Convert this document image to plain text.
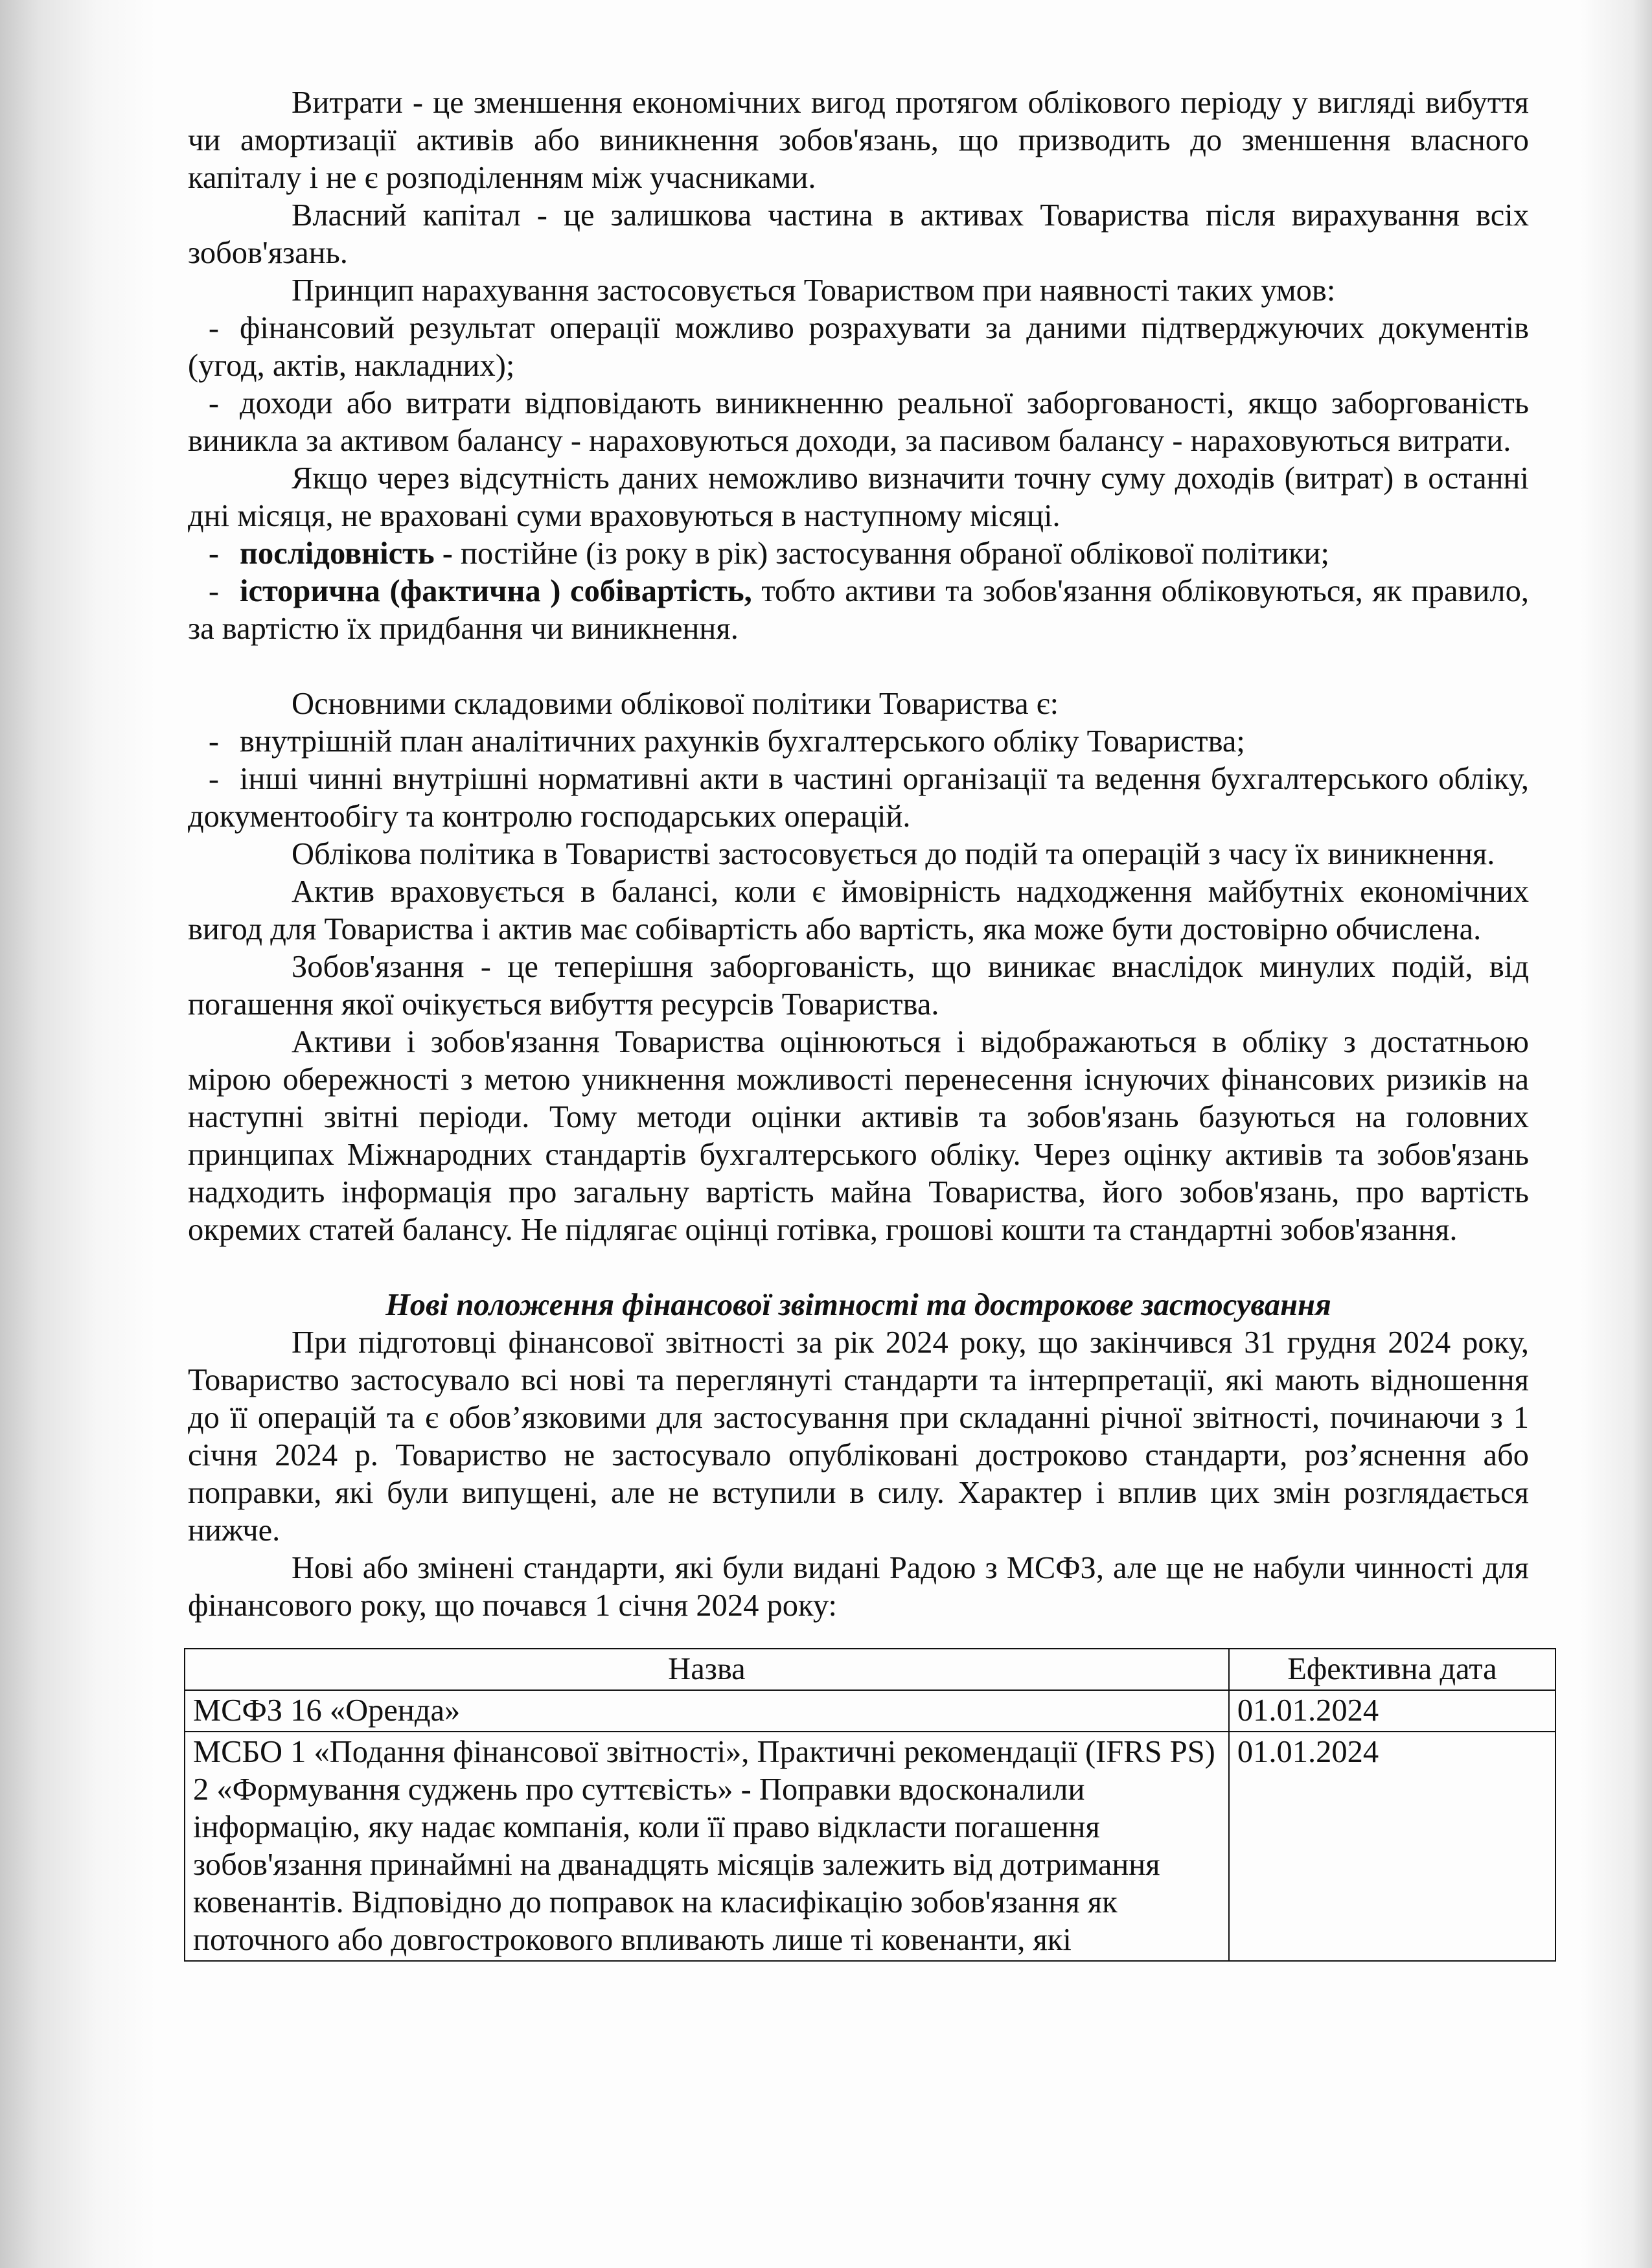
Витрати - це зменшення економічних вигод протягом облікового періоду у вигляді вибуття чи амортизації активів або виникнення зобов'язань, що призводить до зменшення власного капіталу і не є розподіленням між учасниками.

Власний капітал - це залишкова частина в активах Товариства після вирахування всіх зобов'язань.

Принцип нарахування застосовується Товариством при наявності таких умов:

- фінансовий результат операції можливо розрахувати за даними підтверджуючих документів (угод, актів, накладних);

- доходи або витрати відповідають виникненню реальної заборгованості, якщо заборгованість виникла за активом балансу - нараховуються доходи, за пасивом балансу - нараховуються витрати.

Якщо через відсутність даних неможливо визначити точну суму доходів (витрат) в останні дні місяця, не враховані суми враховуються в наступному місяці.

- послідовність - постійне (із року в рік) застосування обраної облікової політики;

- історична (фактична ) собівартість, тобто активи та зобов'язання обліковуються, як правило, за вартістю їх придбання чи виникнення.

Основними складовими облікової політики Товариства є:

- внутрішній план аналітичних рахунків бухгалтерського обліку Товариства;

- інші чинні внутрішні нормативні акти в частині організації та ведення бухгалтерського обліку, документообігу та контролю господарських операцій.

Облікова політика в Товаристві застосовується до подій та операцій з часу їх виникнення.

Актив враховується в балансі, коли є ймовірність надходження майбутніх економічних вигод для Товариства і актив має собівартість або вартість, яка може бути достовірно обчислена.

Зобов'язання - це теперішня заборгованість, що виникає внаслідок минулих подій, від погашення якої очікується вибуття ресурсів Товариства.

Активи і зобов'язання Товариства оцінюються і відображаються в обліку з достатньою мірою обережності з метою уникнення можливості перенесення існуючих фінансових ризиків на наступні звітні періоди. Тому методи оцінки активів та зобов'язань базуються на головних принципах Міжнародних стандартів бухгалтерського обліку. Через оцінку активів та зобов'язань надходить інформація про загальну вартість майна Товариства, його зобов'язань, про вартість окремих статей балансу. Не підлягає оцінці готівка, грошові кошти та стандартні зобов'язання.

Нові положення фінансової звітності та дострокове застосування

При підготовці фінансової звітності за рік 2024 року, що закінчився 31 грудня 2024 року, Товариство застосувало всі нові та переглянуті стандарти та інтерпретації, які мають відношення до її операцій та є обов’язковими для застосування при складанні річної звітності, починаючи з 1 січня 2024 р. Товариство не застосувало опубліковані достроково стандарти, роз’яснення або поправки, які були випущені, але не вступили в силу. Характер і вплив цих змін розглядається нижче.

Нові або змінені стандарти, які були видані Радою з МСФЗ, але ще не набули чинності для фінансового року, що почався 1 січня 2024 року:

Назва	Ефективна дата
МСФЗ 16 «Оренда»	01.01.2024
МСБО 1 «Подання фінансової звітності», Практичні рекомендації (IFRS PS) 2 «Формування суджень про суттєвість» - Поправки вдосконалили інформацію, яку надає компанія, коли її право відкласти погашення зобов'язання принаймні на дванадцять місяців залежить від дотримання ковенантів. Відповідно до поправок на класифікацію зобов'язання як поточного або довгострокового впливають лише ті ковенанти, які	01.01.2024
